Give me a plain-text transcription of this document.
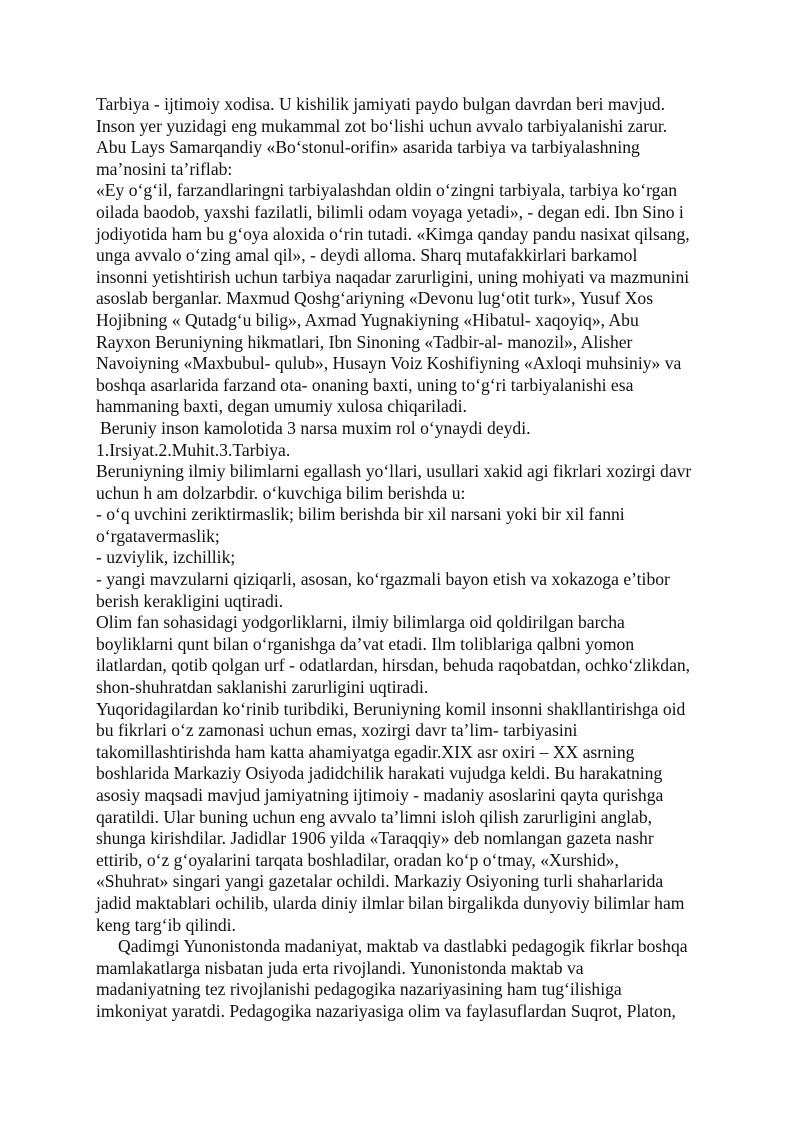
Tarbiya - ijtimoiy xodisa. U kishilik jamiyati paydo bulgan davrdan beri mavjud.
Inson yer yuzidagi eng mukammal zot bo‘lishi uchun avvalo tarbiyalanishi zarur.
Abu Lays Samarqandiy «Bo‘stonul-orifin» asarida tarbiya va tarbiyalashning
ma’nosini ta’riflab:
«Ey o‘g‘il, farzandlaringni tarbiyalashdan oldin o‘zingni tarbiyala, tarbiya ko‘rgan
oilada baodob, yaxshi fazilatli, bilimli odam voyaga yetadi», - degan edi. Ibn Sino i
jodiyotida ham bu g‘oya aloxida o‘rin tutadi. «Kimga qanday pandu nasixat qilsang,
unga avvalo o‘zing amal qil», - deydi alloma. Sharq mutafakkirlari barkamol
insonni yetishtirish uchun tarbiya naqadar zarurligini, uning mohiyati va mazmunini
asoslab berganlar. Maxmud Qoshg‘ariyning «Devonu lug‘otit turk», Yusuf Xos
Hojibning « Qutadg‘u bilig», Axmad Yugnakiyning «Hibatul- xaqoyiq», Abu
Rayxon Beruniyning hikmatlari, Ibn Sinoning «Tadbir-al- manozil», Alisher
Navoiyning «Maxbubul- qulub», Husayn Voiz Koshifiyning «Axloqi muhsiniy» va
boshqa asarlarida farzand ota- onaning baxti, uning to‘g‘ri tarbiyalanishi esa
hammaning baxti, degan umumiy xulosa chiqariladi.
Beruniy inson kamolotida 3 narsa muxim rol o‘ynaydi deydi.
1.Irsiyat.2.Muhit.3.Tarbiya.
Beruniyning ilmiy bilimlarni egallash yo‘llari, usullari xakid agi fikrlari xozirgi davr
uchun h am dolzarbdir. o‘kuvchiga bilim berishda u:
- o‘q uvchini zeriktirmaslik; bilim berishda bir xil narsani yoki bir xil fanni
o‘rgatavermaslik;
- uzviylik, izchillik;
- yangi mavzularni qiziqarli, asosan, ko‘rgazmali bayon etish va xokazoga e’tibor
berish kerakligini uqtiradi.
Olim fan sohasidagi yodgorliklarni, ilmiy bilimlarga oid qoldirilgan barcha
boyliklarni qunt bilan o‘rganishga da’vat etadi. Ilm toliblariga qalbni yomon
ilatlardan, qotib qolgan urf - odatlardan, hirsdan, behuda raqobatdan, ochko‘zlikdan,
shon-shuhratdan saklanishi zarurligini uqtiradi.
Yuqoridagilardan ko‘rinib turibdiki, Beruniyning komil insonni shakllantirishga oid
bu fikrlari o‘z zamonasi uchun emas, xozirgi davr ta’lim- tarbiyasini
takomillashtirishda ham katta ahamiyatga egadir.XIX asr oxiri – XX asrning
boshlarida Markaziy Osiyoda jadidchilik harakati vujudga keldi. Bu harakatning
asosiy maqsadi mavjud jamiyatning ijtimoiy - madaniy asoslarini qayta qurishga
qaratildi. Ular buning uchun eng avvalo ta’limni isloh qilish zarurligini anglab,
shunga kirishdilar. Jadidlar 1906 yilda «Taraqqiy» deb nomlangan gazeta nashr
ettirib, o‘z g‘oyalarini tarqata boshladilar, oradan ko‘p o‘tmay, «Xurshid»,
«Shuhrat» singari yangi gazetalar ochildi. Markaziy Osiyoning turli shaharlarida
jadid maktablari ochilib, ularda diniy ilmlar bilan birgalikda dunyoviy bilimlar ham
keng targ‘ib qilindi.
Qadimgi Yunonistonda madaniyat, maktab va dastlabki pedagogik fikrlar boshqa
mamlakatlarga nisbatan juda erta rivojlandi. Yunonistonda maktab va
madaniyatning tez rivojlanishi pedagogika nazariyasining ham tug‘ilishiga
imkoniyat yaratdi. Pedagogika nazariyasiga olim va faylasuflardan Suqrot, Platon,
